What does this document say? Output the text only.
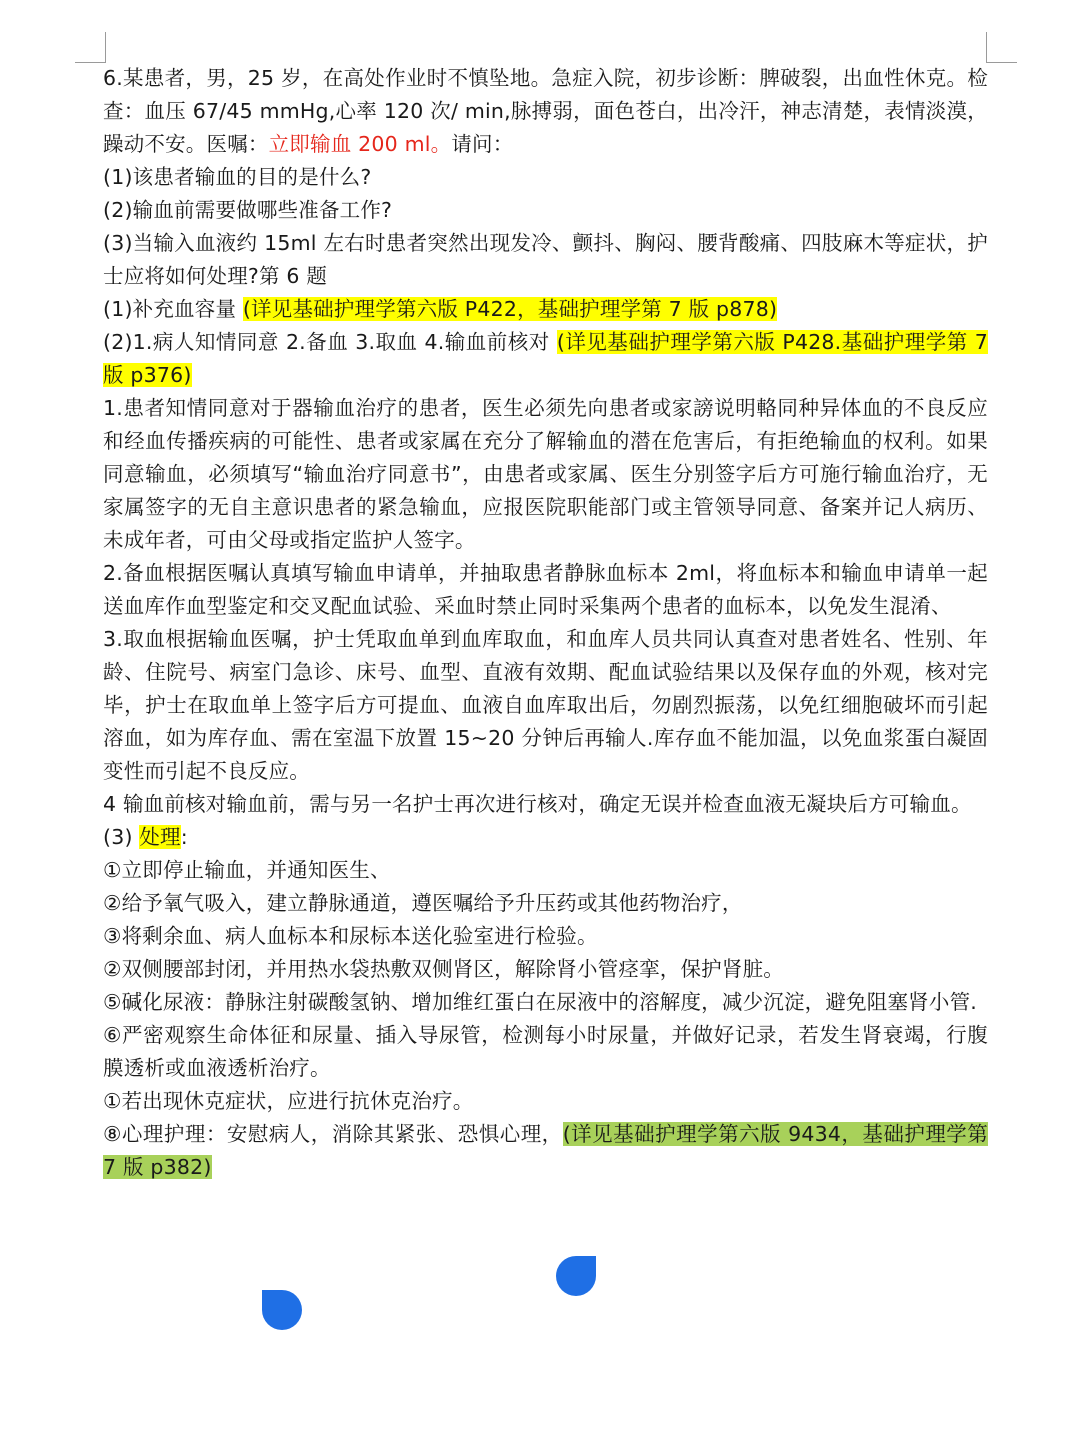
6.某患者，男，25 岁，在高处作业时不慎坠地。急症入院，初步诊断：脾破裂，出血性休克。检查：血压 67/45 mmHg,心率 120 次/ min,脉搏弱，面色苍白，出冷汗，神志清楚，表情淡漠，躁动不安。医嘱：立即输血 200 ml。请问：

(1)该患者输血的目的是什么?

(2)输血前需要做哪些准备工作?

(3)当输入血液约 15ml 左右时患者突然出现发冷、颤抖、胸闷、腰背酸痛、四肢麻木等症状，护士应将如何处理?第 6 题

(1)补充血容量 (详见基础护理学第六版 P422，基础护理学第 7 版 p878)

(2)1.病人知情同意 2.备血 3.取血 4.输血前核对 (详见基础护理学第六版 P428.基础护理学第 7 版 p376)

1.患者知情同意对于器输血治疗的患者，医生必须先向患者或家謗说明輅同种异体血的不良反应和经血传播疾病的可能性、患者或家属在充分了解输血的潜在危害后，有拒绝输血的权利。如果同意输血，必须填写“输血治疗同意书”，由患者或家属、医生分别签字后方可施行输血治疗，无家属签字的无自主意识患者的紧急输血，应报医院职能部门或主管领导同意、备案并记人病历、未成年者，可由父母或指定监护人签字。

2.备血根据医嘱认真填写输血申请单，并抽取患者静脉血标本 2ml，将血标本和输血申请单一起送血库作血型鉴定和交叉配血试验、采血时禁止同时采集两个患者的血标本，以免发生混淆、

3.取血根据输血医嘱，护士凭取血单到血库取血，和血库人员共同认真查对患者姓名、性别、年龄、住院号、病室门急诊、床号、血型、直液有效期、配血试验结果以及保存血的外观，核对完毕，护士在取血单上签字后方可提血、血液自血库取出后，勿剧烈振荡，以免红细胞破坏而引起溶血，如为库存血、需在室温下放置 15~20 分钟后再输人.库存血不能加温，以免血浆蛋白凝固变性而引起不良反应。

4 输血前核对输血前，需与另一名护士再次进行核对，确定无误并检查血液无凝块后方可输血。

(3) 处理:

①立即停止输血，并通知医生、

②给予氧气吸入，建立静脉通道，遵医嘱给予升压药或其他药物治疗，

③将剩余血、病人血标本和尿标本送化验室进行检验。

②双侧腰部封闭，并用热水袋热敷双侧肾区，解除肾小管痉挛，保护肾脏。

⑤碱化尿液：静脉注射碳酸氢钠、增加维红蛋白在尿液中的溶解度，减少沉淀，避免阻塞肾小管.

⑥严密观察生命体征和尿量、插入导尿管，检测每小时尿量，并做好记录，若发生肾衰竭，行腹膜透析或血液透析治疗。

①若出现休克症状，应进行抗休克治疗。

⑧心理护理：安慰病人，消除其紧张、恐惧心理，(详见基础护理学第六版 9434，基础护理学第 7 版 p382)
